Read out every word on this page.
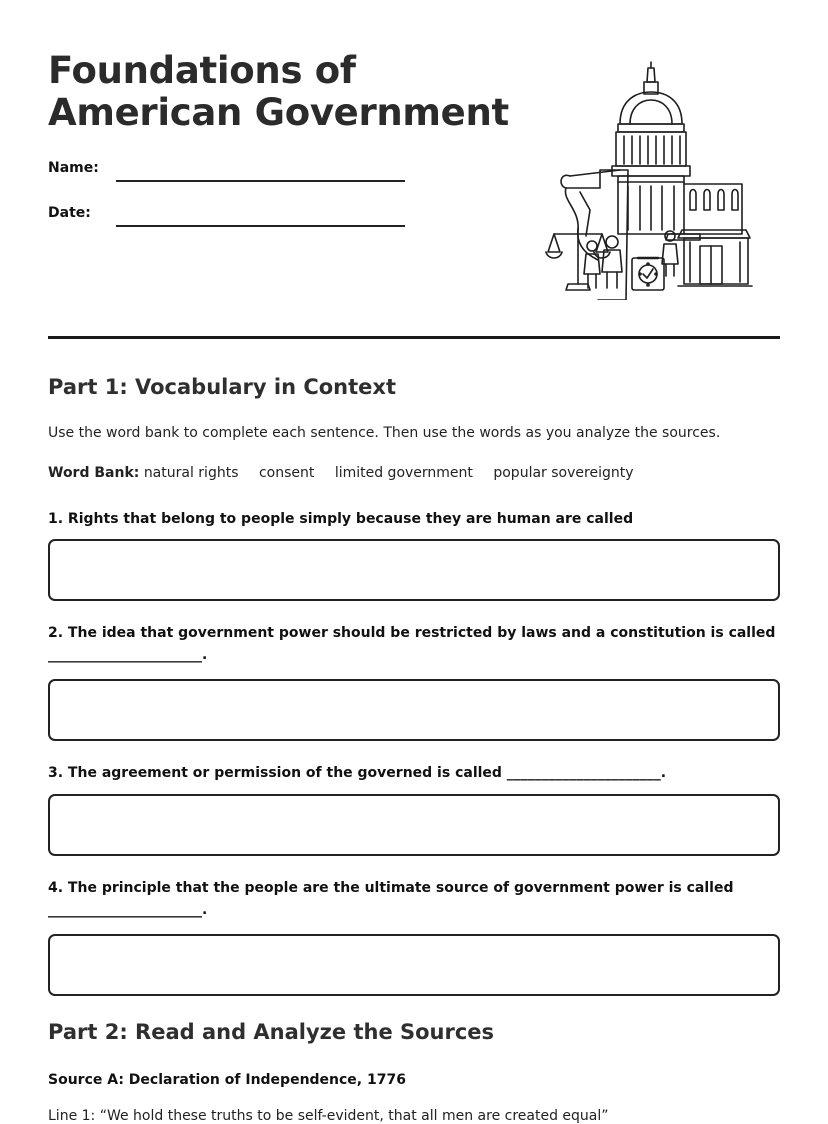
Foundations of
American Government
Name:
Date:
Part 1: Vocabulary in Context
Use the word bank to complete each sentence. Then use the words as you analyze the sources.
Word Bank: natural rights consent limited government popular sovereignty

1. Rights that belong to people simply because they are human are called

2. The idea that government power should be restricted by laws and a constitution is called ______________________.

3. The agreement or permission of the governed is called ______________________.

4. The principle that the people are the ultimate source of government power is called ______________________.

Part 2: Read and Analyze the Sources
Source A: Declaration of Independence, 1776
Line 1: “We hold these truths to be self-evident, that all men are created equal”
